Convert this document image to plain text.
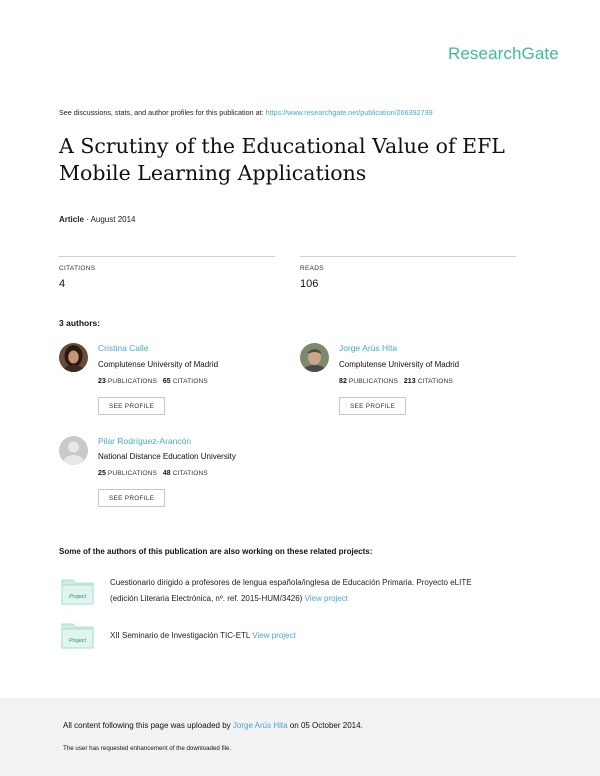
ResearchGate
See discussions, stats, and author profiles for this publication at: https://www.researchgate.net/publication/266392739
A Scrutiny of the Educational Value of EFL Mobile Learning Applications
Article · August 2014
CITATIONS
4
READS
106
3 authors:
Cristina Calle
Complutense University of Madrid
23 PUBLICATIONS 65 CITATIONS
SEE PROFILE
Jorge Arús Hita
Complutense University of Madrid
82 PUBLICATIONS 213 CITATIONS
SEE PROFILE
Pilar Rodríguez-Arancón
National Distance Education University
25 PUBLICATIONS 48 CITATIONS
SEE PROFILE
Some of the authors of this publication are also working on these related projects:
Project
Cuestionario dirigido a profesores de lengua española/inglesa de Educación Primaria. Proyecto eLITE
(edición Literaria Electrónica, nº. ref. 2015-HUM/3426) View project
Project
XII Seminario de Investigación TIC-ETL View project
All content following this page was uploaded by Jorge Arús Hita on 05 October 2014.
The user has requested enhancement of the downloaded file.
